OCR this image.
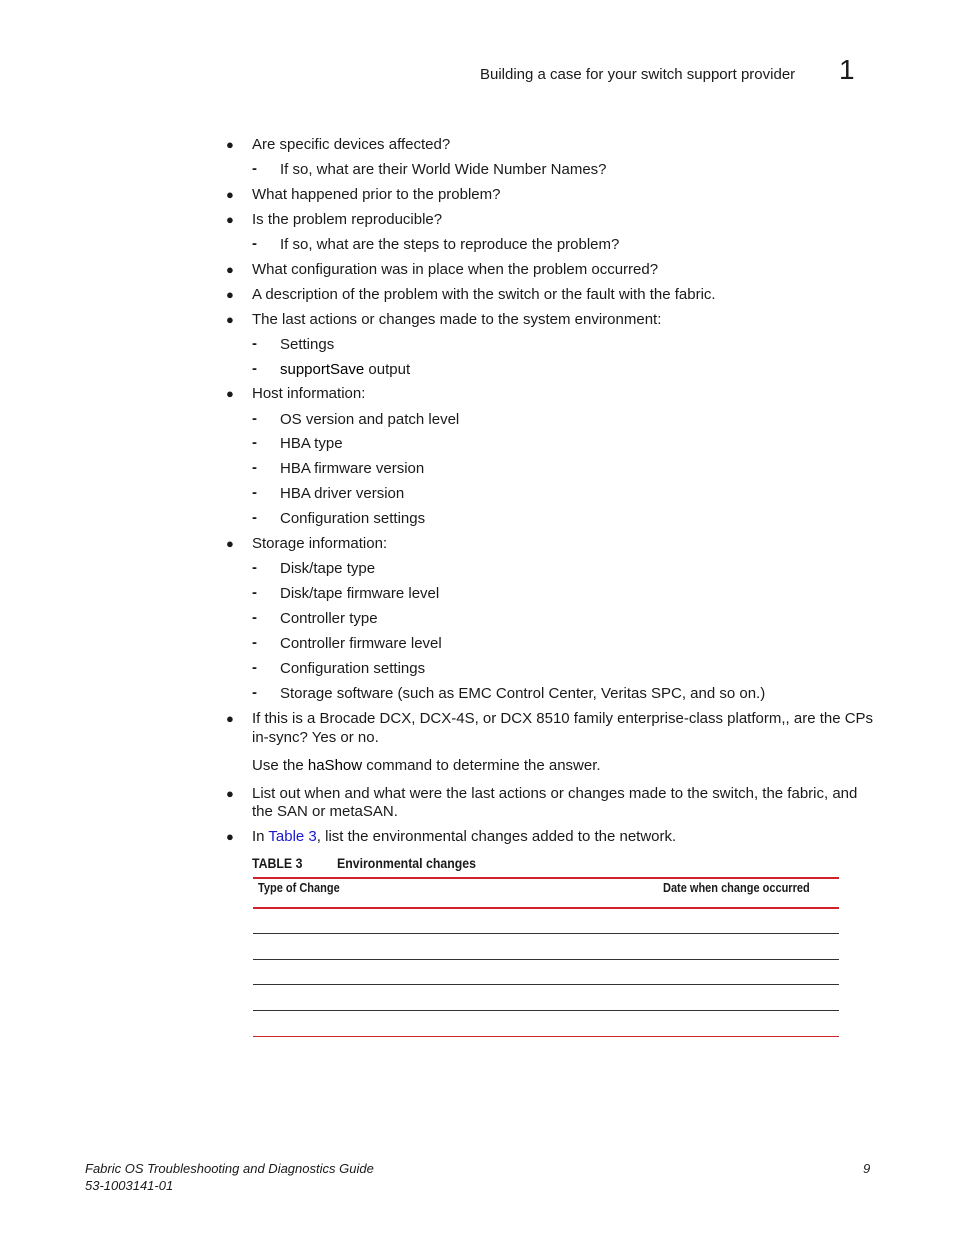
Building a case for your switch support provider 1
● Are specific devices affected?
- If so, what are their World Wide Number Names?
● What happened prior to the problem?
● Is the problem reproducible?
- If so, what are the steps to reproduce the problem?
● What configuration was in place when the problem occurred?
● A description of the problem with the switch or the fault with the fabric.
● The last actions or changes made to the system environment:
- Settings
- supportSave output
● Host information:
- OS version and patch level
- HBA type
- HBA firmware version
- HBA driver version
- Configuration settings
● Storage information:
- Disk/tape type
- Disk/tape firmware level
- Controller type
- Controller firmware level
- Configuration settings
- Storage software (such as EMC Control Center, Veritas SPC, and so on.)
● If this is a Brocade DCX, DCX-4S, or DCX 8510 family enterprise-class platform,, are the CPs
in-sync? Yes or no.
Use the haShow command to determine the answer.
● List out when and what were the last actions or changes made to the switch, the fabric, and
the SAN or metaSAN.
● In Table 3, list the environmental changes added to the network.
TABLE 3 Environmental changes
Type of Change	Date when change occurred
Fabric OS Troubleshooting and Diagnostics Guide
53-1003141-01
9
